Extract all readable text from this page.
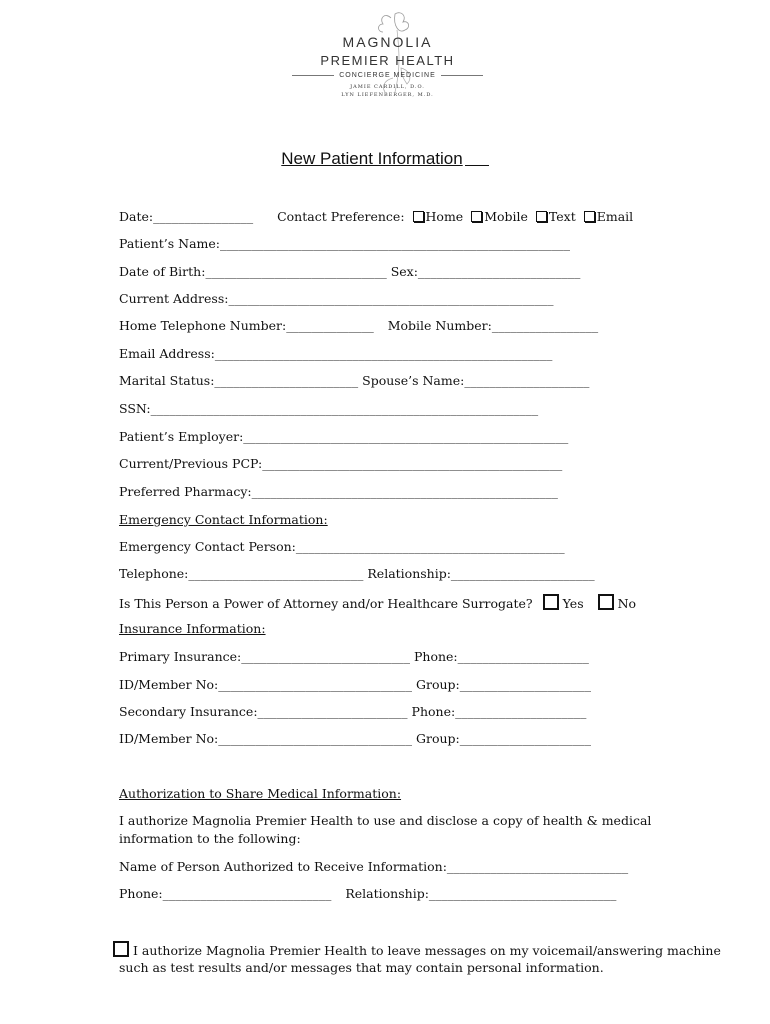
MAGNOLIA
PREMIER HEALTH
CONCIERGE MEDICINE
JAMIE CARDILL, D.O.
LYN LIEFENBERGER, M.D.
New Patient Information
Date:________________ Contact Preference: Home Mobile Text Email
Patient’s Name:________________________________________________________
Date of Birth:_____________________________ Sex:__________________________
Current Address:____________________________________________________
Home Telephone Number:______________ Mobile Number:_________________
Email Address:______________________________________________________
Marital Status:_______________________ Spouse’s Name:____________________
SSN:______________________________________________________________
Patient’s Employer:____________________________________________________
Current/Previous PCP:________________________________________________
Preferred Pharmacy:_________________________________________________
Emergency Contact Information:
Emergency Contact Person:___________________________________________
Telephone:____________________________ Relationship:_______________________
Is This Person a Power of Attorney and/or Healthcare Surrogate? Yes	No
Insurance Information:
Primary Insurance:___________________________ Phone:_____________________
ID/Member No:_______________________________ Group:_____________________
Secondary Insurance:________________________ Phone:_____________________
ID/Member No:_______________________________ Group:_____________________
Authorization to Share Medical Information:
I authorize Magnolia Premier Health to use and disclose a copy of health & medical information to the following:
Name of Person Authorized to Receive Information:_____________________________
Phone:___________________________ Relationship:______________________________
I authorize Magnolia Premier Health to leave messages on my voicemail/answering machine
such as test results and/or messages that may contain personal information.
